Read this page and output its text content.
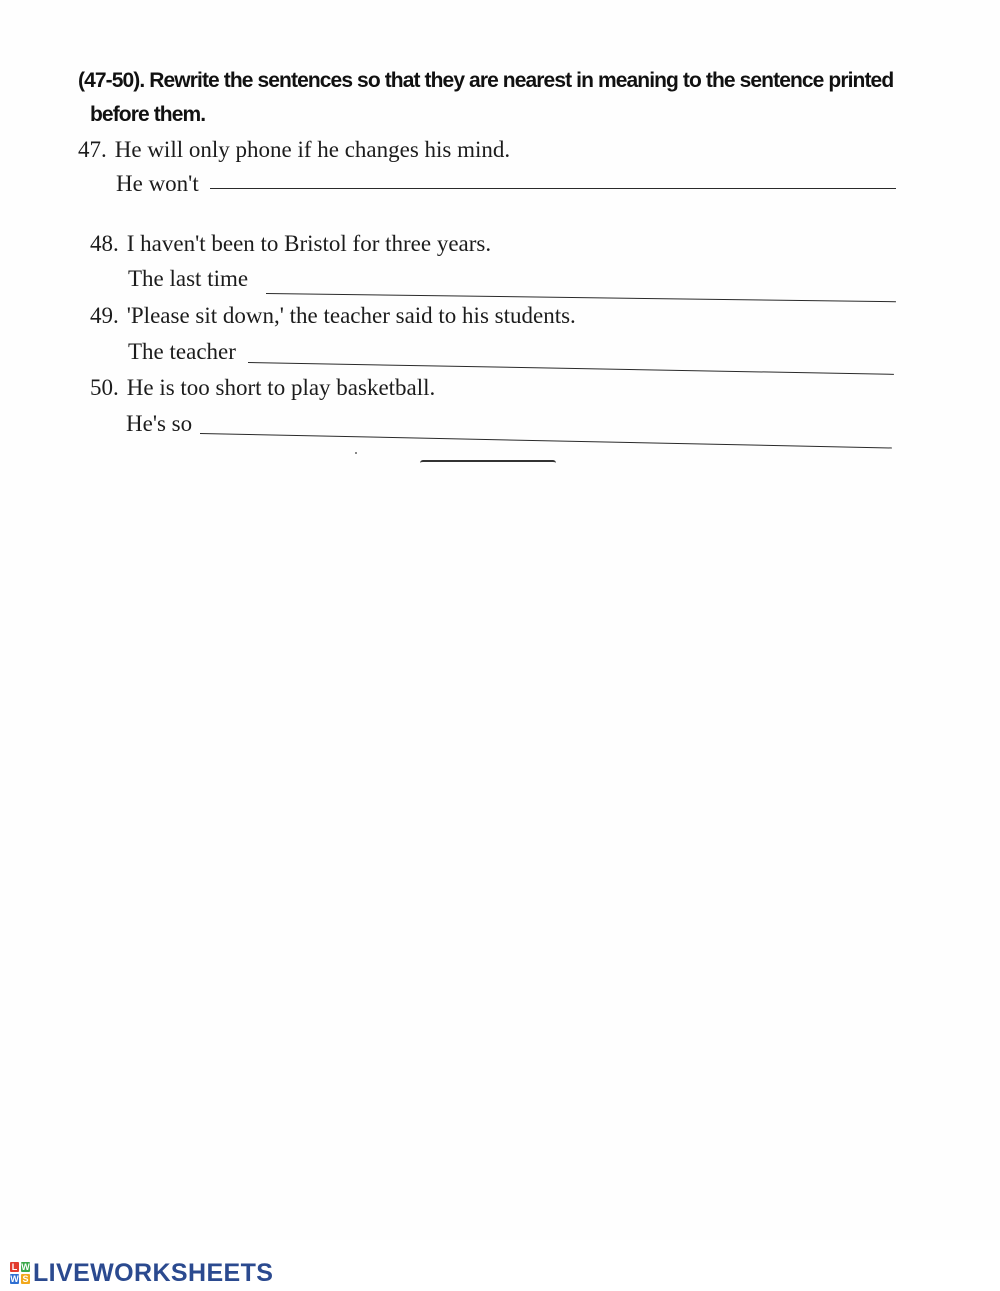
(47-50). Rewrite the sentences so that they are nearest in meaning to the sentence printed
before them.
47. He will only phone if he changes his mind.
He won't
48. I haven't been to Bristol for three years.
The last time
49. 'Please sit down,' the teacher said to his students.
The teacher
50. He is too short to play basketball.
He's so
L W
W S LIVEWORKSHEETS
